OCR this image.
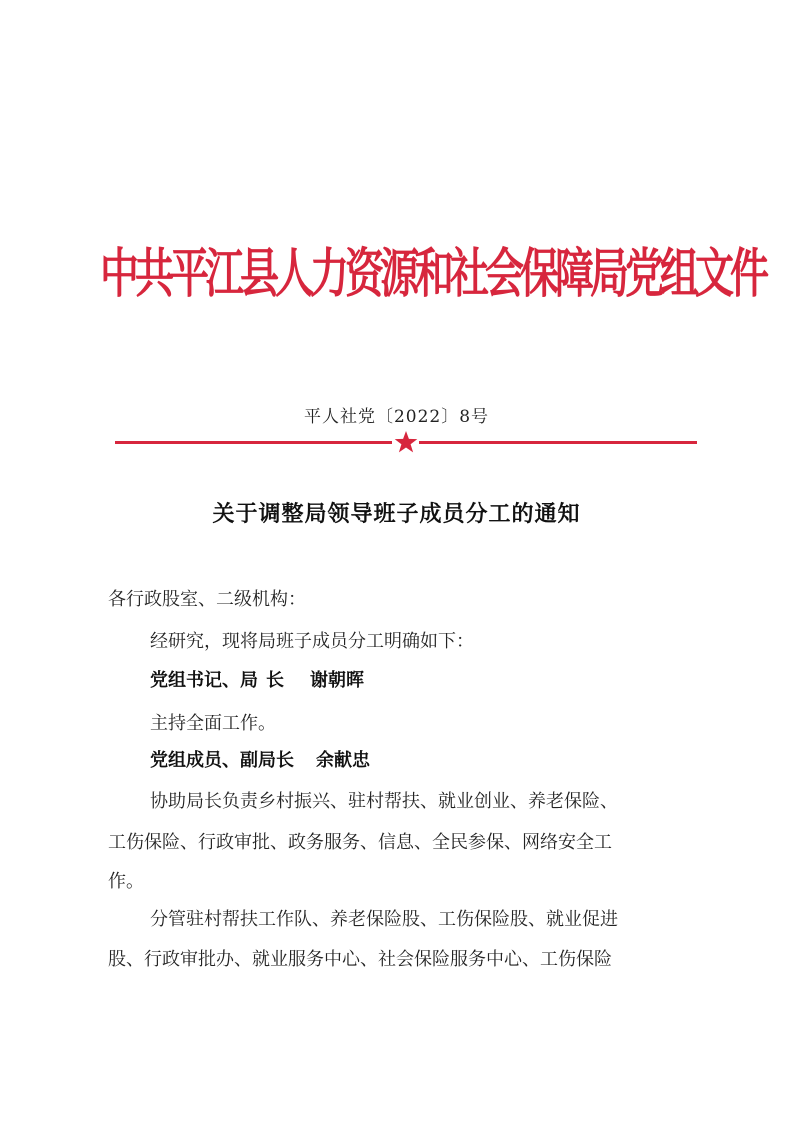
中共平江县人力资源和社会保障局党组文件
平人社党〔2022〕8号
关于调整局领导班子成员分工的通知
各行政股室、二级机构：
经研究，现将局班子成员分工明确如下：
党组书记、局 长 谢朝晖
主持全面工作。
党组成员、副局长 余献忠
协助局长负责乡村振兴、驻村帮扶、就业创业、养老保险、
工伤保险、行政审批、政务服务、信息、全民参保、网络安全工
作。
分管驻村帮扶工作队、养老保险股、工伤保险股、就业促进
股、行政审批办、就业服务中心、社会保险服务中心、工伤保险
